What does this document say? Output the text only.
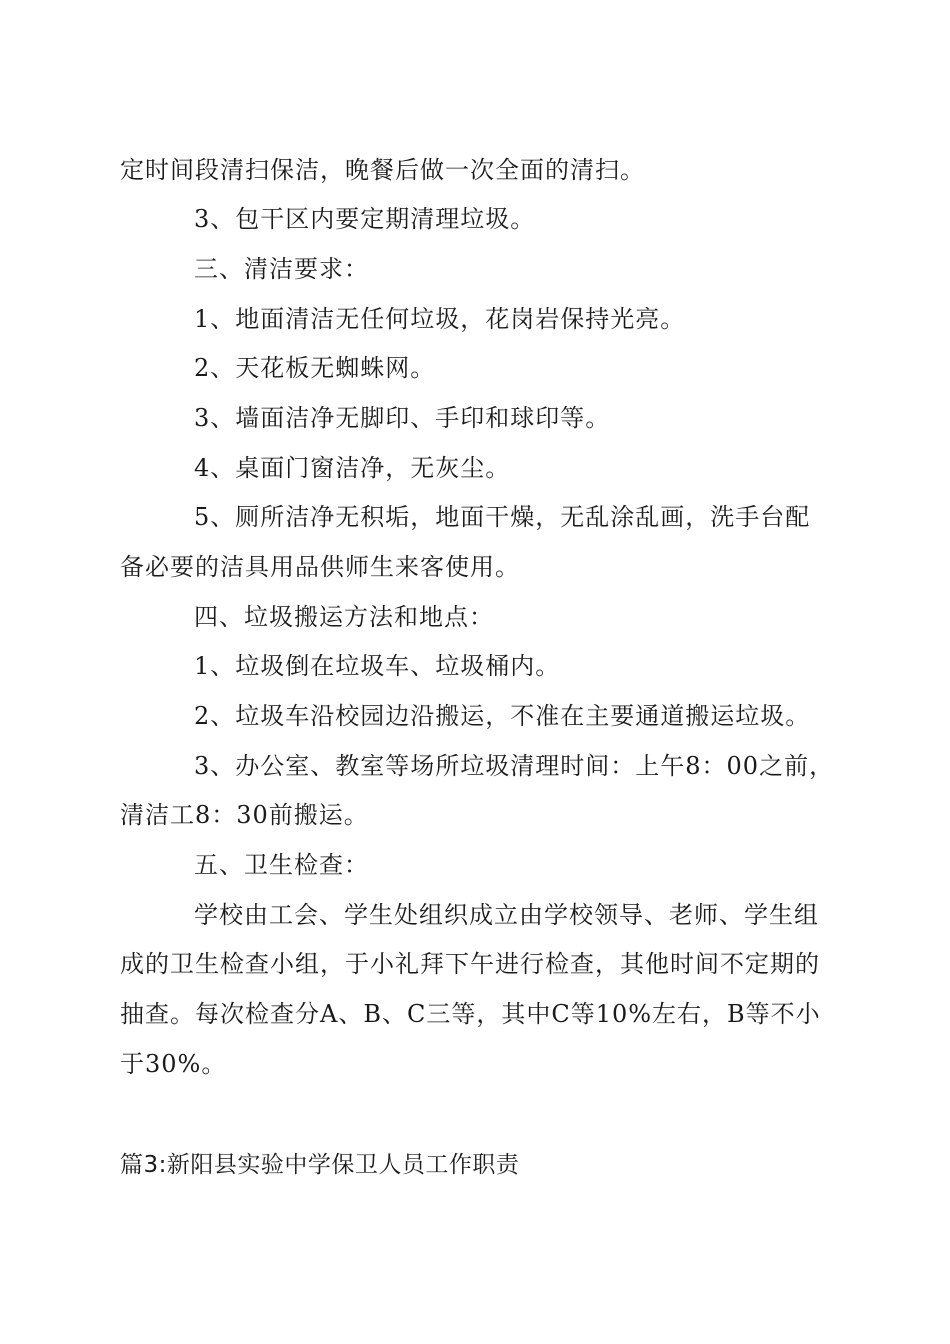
定时间段清扫保洁，晚餐后做一次全面的清扫。
3、包干区内要定期清理垃圾。
三、清洁要求：
1、地面清洁无任何垃圾，花岗岩保持光亮。
2、天花板无蜘蛛网。
3、墙面洁净无脚印、手印和球印等。
4、桌面门窗洁净，无灰尘。
5、厕所洁净无积垢，地面干燥，无乱涂乱画，洗手台配
备必要的洁具用品供师生来客使用。
四、垃圾搬运方法和地点：
1、垃圾倒在垃圾车、垃圾桶内。
2、垃圾车沿校园边沿搬运，不准在主要通道搬运垃圾。
3、办公室、教室等场所垃圾清理时间：上午8：00之前，
清洁工8：30前搬运。
五、卫生检查：
学校由工会、学生处组织成立由学校领导、老师、学生组
成的卫生检查小组，于小礼拜下午进行检查，其他时间不定期的
抽查。每次检查分A、B、C三等，其中C等10%左右，B等不小
于30%。
篇3:新阳县实验中学保卫人员工作职责
